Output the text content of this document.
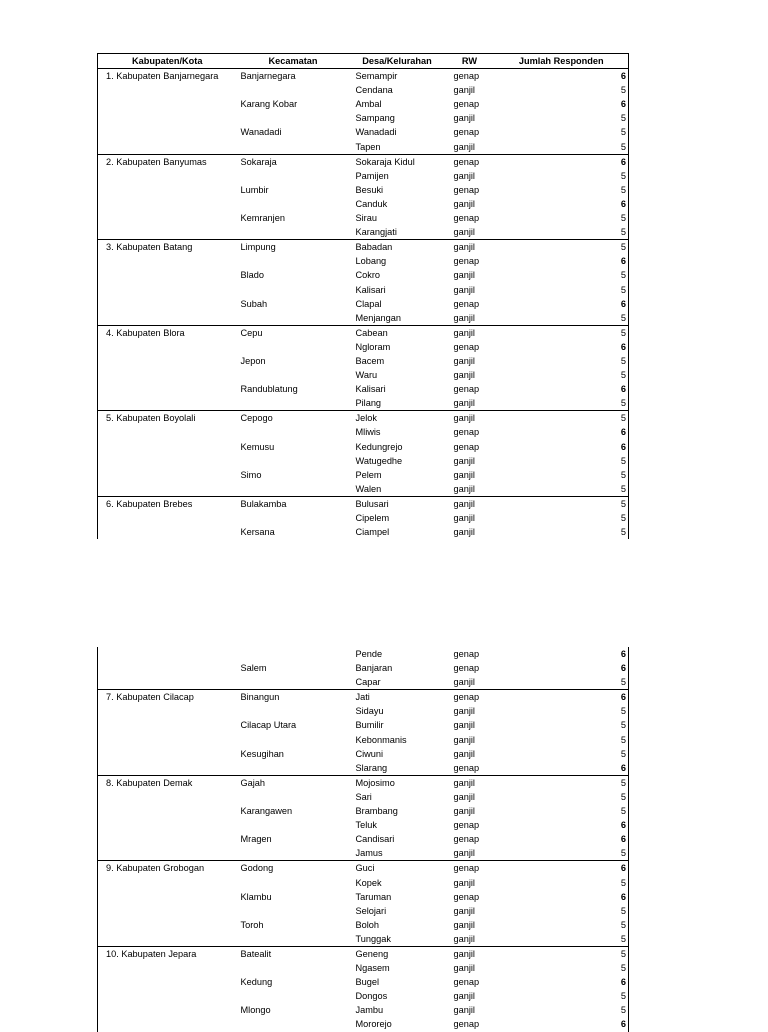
Kabupaten/Kota	Kecamatan	Desa/Kelurahan	RW	Jumlah Responden
1. Kabupaten Banjarnegara	Banjarnegara	Semampir	genap	6
		Cendana	ganjil	5
	Karang Kobar	Ambal	genap	6
		Sampang	ganjil	5
	Wanadadi	Wanadadi	genap	5
		Tapen	ganjil	5
2. Kabupaten Banyumas	Sokaraja	Sokaraja Kidul	genap	6
		Pamijen	ganjil	5
	Lumbir	Besuki	genap	5
		Canduk	ganjil	6
	Kemranjen	Sirau	genap	5
		Karangjati	ganjil	5
3. Kabupaten Batang	Limpung	Babadan	ganjil	5
		Lobang	genap	6
	Blado	Cokro	ganjil	5
		Kalisari	ganjil	5
	Subah	Clapal	genap	6
		Menjangan	ganjil	5
4. Kabupaten Blora	Cepu	Cabean	ganjil	5
		Ngloram	genap	6
	Jepon	Bacem	ganjil	5
		Waru	ganjil	5
	Randublatung	Kalisari	genap	6
		Pilang	ganjil	5
5. Kabupaten Boyolali	Cepogo	Jelok	ganjil	5
		Mliwis	genap	6
	Kemusu	Kedungrejo	genap	6
		Watugedhe	ganjil	5
	Simo	Pelem	ganjil	5
		Walen	ganjil	5
6. Kabupaten Brebes	Bulakamba	Bulusari	ganjil	5
		Cipelem	ganjil	5
	Kersana	Ciampel	ganjil	5
		Pende	genap	6
	Salem	Banjaran	genap	6
		Capar	ganjil	5
7. Kabupaten Cilacap	Binangun	Jati	genap	6
		Sidayu	ganjil	5
	Cilacap Utara	Bumilir	ganjil	5
		Kebonmanis	ganjil	5
	Kesugihan	Ciwuni	ganjil	5
		Slarang	genap	6
8. Kabupaten Demak	Gajah	Mojosimo	ganjil	5
		Sari	ganjil	5
	Karangawen	Brambang	ganjil	5
		Teluk	genap	6
	Mragen	Candisari	genap	6
		Jamus	ganjil	5
9. Kabupaten Grobogan	Godong	Guci	genap	6
		Kopek	ganjil	5
	Klambu	Taruman	genap	6
		Selojari	ganjil	5
	Toroh	Boloh	ganjil	5
		Tunggak	ganjil	5
10. Kabupaten Jepara	Batealit	Geneng	ganjil	5
		Ngasem	ganjil	5
	Kedung	Bugel	genap	6
		Dongos	ganjil	5
	Mlongo	Jambu	ganjil	5
		Mororejo	genap	6
